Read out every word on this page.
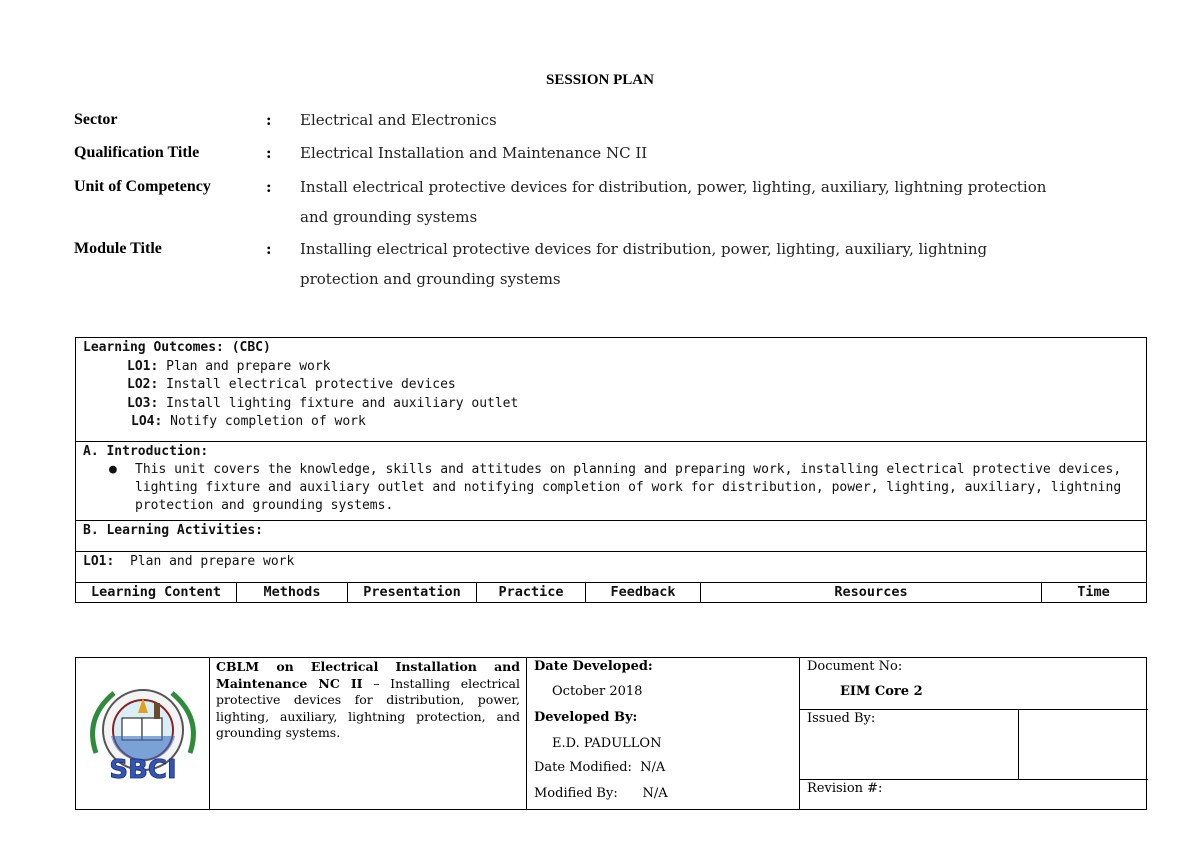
SESSION PLAN
Sector	: Electrical and Electronics
Qualification Title	: Electrical Installation and Maintenance NC II
Unit of Competency	: Install electrical protective devices for distribution, power, lighting, auxiliary, lightning protection
and grounding systems
Module Title	: Installing electrical protective devices for distribution, power, lighting, auxiliary, lightning
protection and grounding systems
Learning Outcomes: (CBC)
LO1: Plan and prepare work
LO2: Install electrical protective devices
LO3: Install lighting fixture and auxiliary outlet
LO4: Notify completion of work
A. Introduction:
● This unit covers the knowledge, skills and attitudes on planning and preparing work, installing electrical protective devices,
lighting fixture and auxiliary outlet and notifying completion of work for distribution, power, lighting, auxiliary, lightning
protection and grounding systems.
B. Learning Activities:
LO1: Plan and prepare work
Learning Content	Methods	Presentation	Practice	Feedback	Resources	Time
SBCI
CBLM on Electrical Installation and Maintenance NC II – Installing electrical protective devices for distribution, power, lighting, auxiliary, lightning protection, and grounding systems.
Date Developed:
October 2018
Developed By:
E.D. PADULLON
Date Modified:  N/A
Modified By:      N/A
Document No:
EIM Core 2
Issued By:
Revision #:
